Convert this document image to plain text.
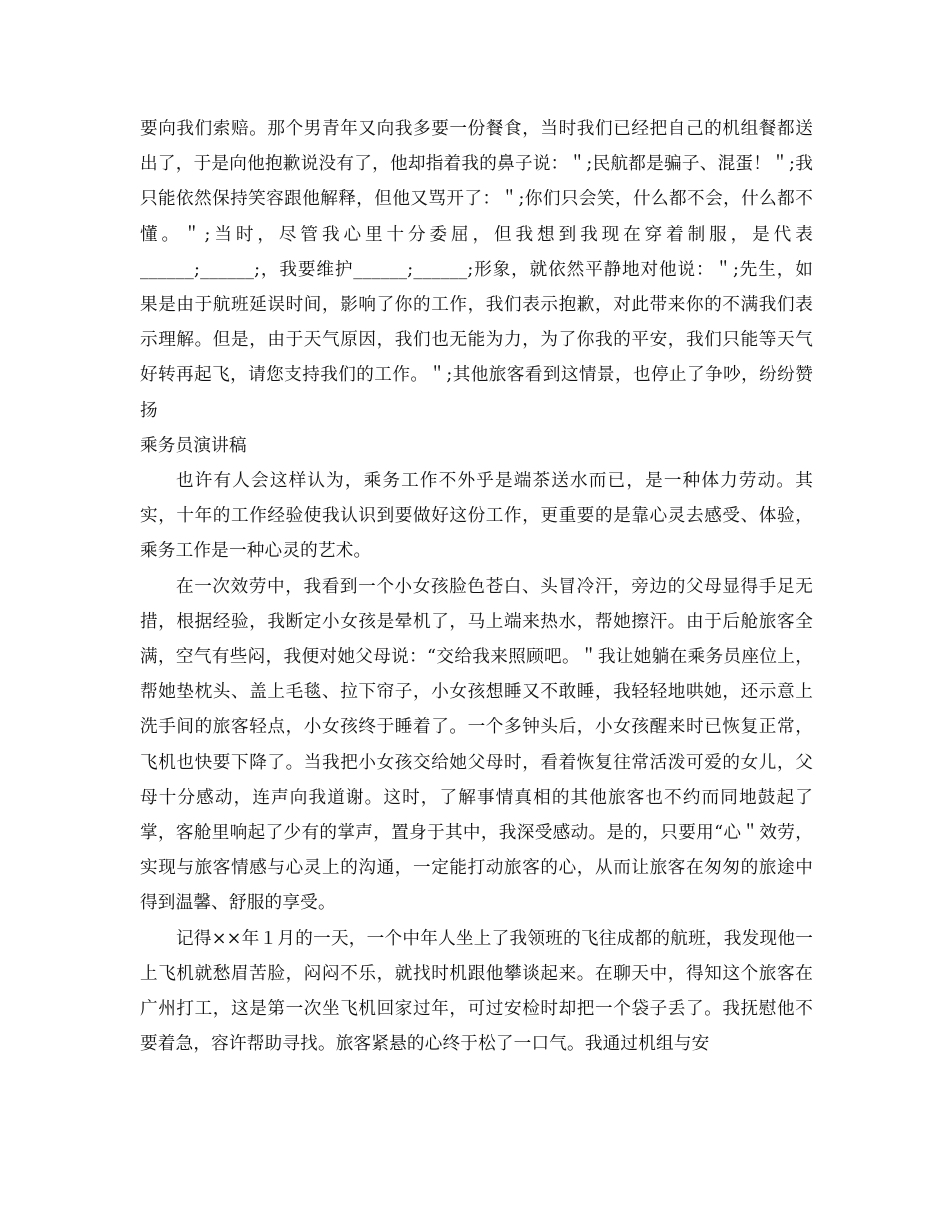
要向我们索赔。那个男青年又向我多要一份餐食，当时我们已经把自己的机组餐都送出了，于是向他抱歉说没有了，他却指着我的鼻子说：＂;民航都是骗子、混蛋！＂;我只能依然保持笑容跟他解释，但他又骂开了：＂;你们只会笑，什么都不会，什么都不懂。＂;当时，尽管我心里十分委屈，但我想到我现在穿着制服，是代表______;______;，我要维护______;______;形象，就依然平静地对他说：＂;先生，如果是由于航班延误时间，影响了你的工作，我们表示抱歉，对此带来你的不满我们表示理解。但是，由于天气原因，我们也无能为力，为了你我的平安，我们只能等天气好转再起飞，请您支持我们的工作。＂;其他旅客看到这情景，也停止了争吵，纷纷赞扬

乘务员演讲稿

也许有人会这样认为，乘务工作不外乎是端茶送水而已，是一种体力劳动。其实，十年的工作经验使我认识到要做好这份工作，更重要的是靠心灵去感受、体验，乘务工作是一种心灵的艺术。

在一次效劳中，我看到一个小女孩脸色苍白、头冒冷汗，旁边的父母显得手足无措，根据经验，我断定小女孩是晕机了，马上端来热水，帮她擦汗。由于后舱旅客全满，空气有些闷，我便对她父母说：“交给我来照顾吧。＂我让她躺在乘务员座位上，帮她垫枕头、盖上毛毯、拉下帘子，小女孩想睡又不敢睡，我轻轻地哄她，还示意上洗手间的旅客轻点，小女孩终于睡着了。一个多钟头后，小女孩醒来时已恢复正常，飞机也快要下降了。当我把小女孩交给她父母时，看着恢复往常活泼可爱的女儿，父母十分感动，连声向我道谢。这时，了解事情真相的其他旅客也不约而同地鼓起了掌，客舱里响起了少有的掌声，置身于其中，我深受感动。是的，只要用“心＂效劳，实现与旅客情感与心灵上的沟通，一定能打动旅客的心，从而让旅客在匆匆的旅途中得到温馨、舒服的享受。

记得××年１月的一天，一个中年人坐上了我领班的飞往成都的航班，我发现他一上飞机就愁眉苦脸，闷闷不乐，就找时机跟他攀谈起来。在聊天中，得知这个旅客在广州打工，这是第一次坐飞机回家过年，可过安检时却把一个袋子丢了。我抚慰他不要着急，容许帮助寻找。旅客紧悬的心终于松了一口气。我通过机组与安
